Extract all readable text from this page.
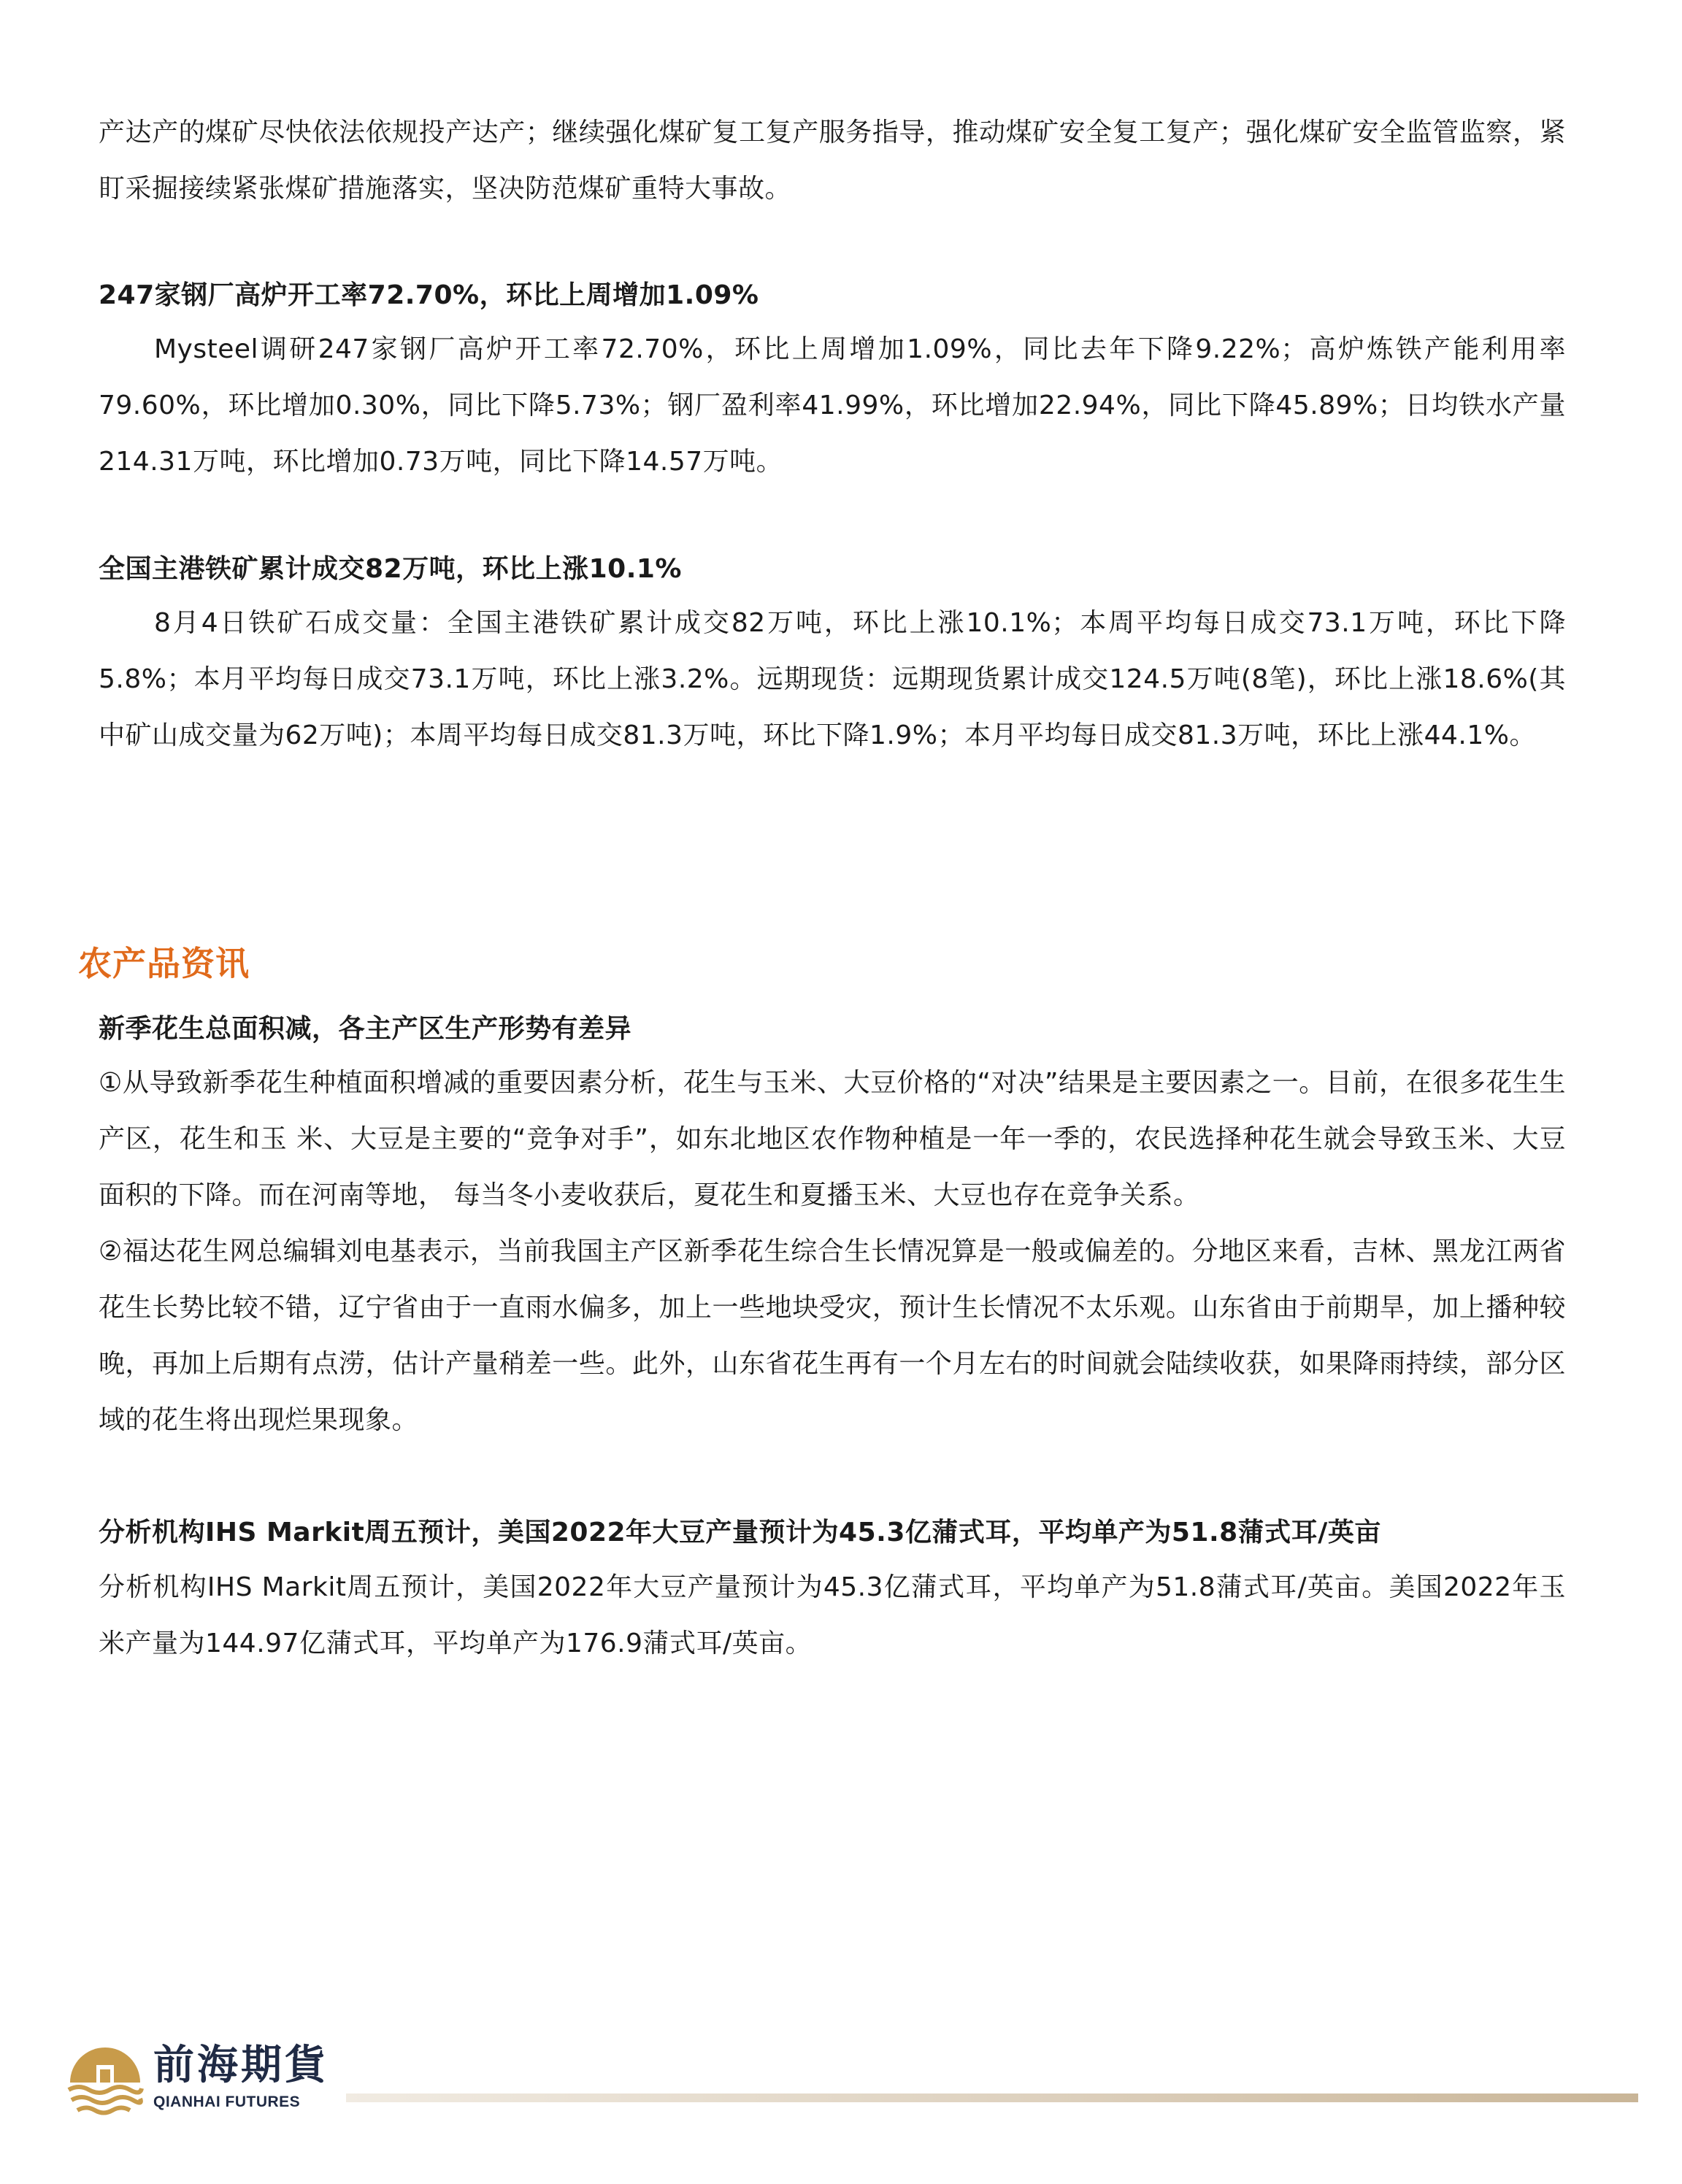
产达产的煤矿尽快依法依规投产达产；继续强化煤矿复工复产服务指导，推动煤矿安全复工复产；强化煤矿安全监管监察，紧盯采掘接续紧张煤矿措施落实，坚决防范煤矿重特大事故。

247家钢厂高炉开工率72.70%，环比上周增加1.09%

Mysteel调研247家钢厂高炉开工率72.70%，环比上周增加1.09%，同比去年下降9.22%；高炉炼铁产能利用率79.60%，环比增加0.30%，同比下降5.73%；钢厂盈利率41.99%，环比增加22.94%，同比下降45.89%；日均铁水产量214.31万吨，环比增加0.73万吨，同比下降14.57万吨。

全国主港铁矿累计成交82万吨，环比上涨10.1%

8月4日铁矿石成交量：全国主港铁矿累计成交82万吨，环比上涨10.1%；本周平均每日成交73.1万吨，环比下降5.8%；本月平均每日成交73.1万吨，环比上涨3.2%。远期现货：远期现货累计成交124.5万吨(8笔)，环比上涨18.6%(其中矿山成交量为62万吨)；本周平均每日成交81.3万吨，环比下降1.9%；本月平均每日成交81.3万吨，环比上涨44.1%。

农产品资讯
新季花生总面积减，各主产区生产形势有差异

①从导致新季花生种植面积增减的重要因素分析，花生与玉米、大豆价格的“对决”结果是主要因素之一。目前，在很多花生生产区，花生和玉 米、大豆是主要的“竞争对手”，如东北地区农作物种植是一年一季的，农民选择种花生就会导致玉米、大豆面积的下降。而在河南等地， 每当冬小麦收获后，夏花生和夏播玉米、大豆也存在竞争关系。

②福达花生网总编辑刘电基表示，当前我国主产区新季花生综合生长情况算是一般或偏差的。分地区来看，吉林、黑龙江两省花生长势比较不错，辽宁省由于一直雨水偏多，加上一些地块受灾，预计生长情况不太乐观。山东省由于前期旱，加上播种较晚，再加上后期有点涝，估计产量稍差一些。此外，山东省花生再有一个月左右的时间就会陆续收获，如果降雨持续，部分区域的花生将出现烂果现象。

分析机构IHS Markit周五预计，美国2022年大豆产量预计为45.3亿蒲式耳，平均单产为51.8蒲式耳/英亩

分析机构IHS Markit周五预计，美国2022年大豆产量预计为45.3亿蒲式耳，平均单产为51.8蒲式耳/英亩。美国2022年玉米产量为144.97亿蒲式耳，平均单产为176.9蒲式耳/英亩。

前海期貨
QIANHAI FUTURES
